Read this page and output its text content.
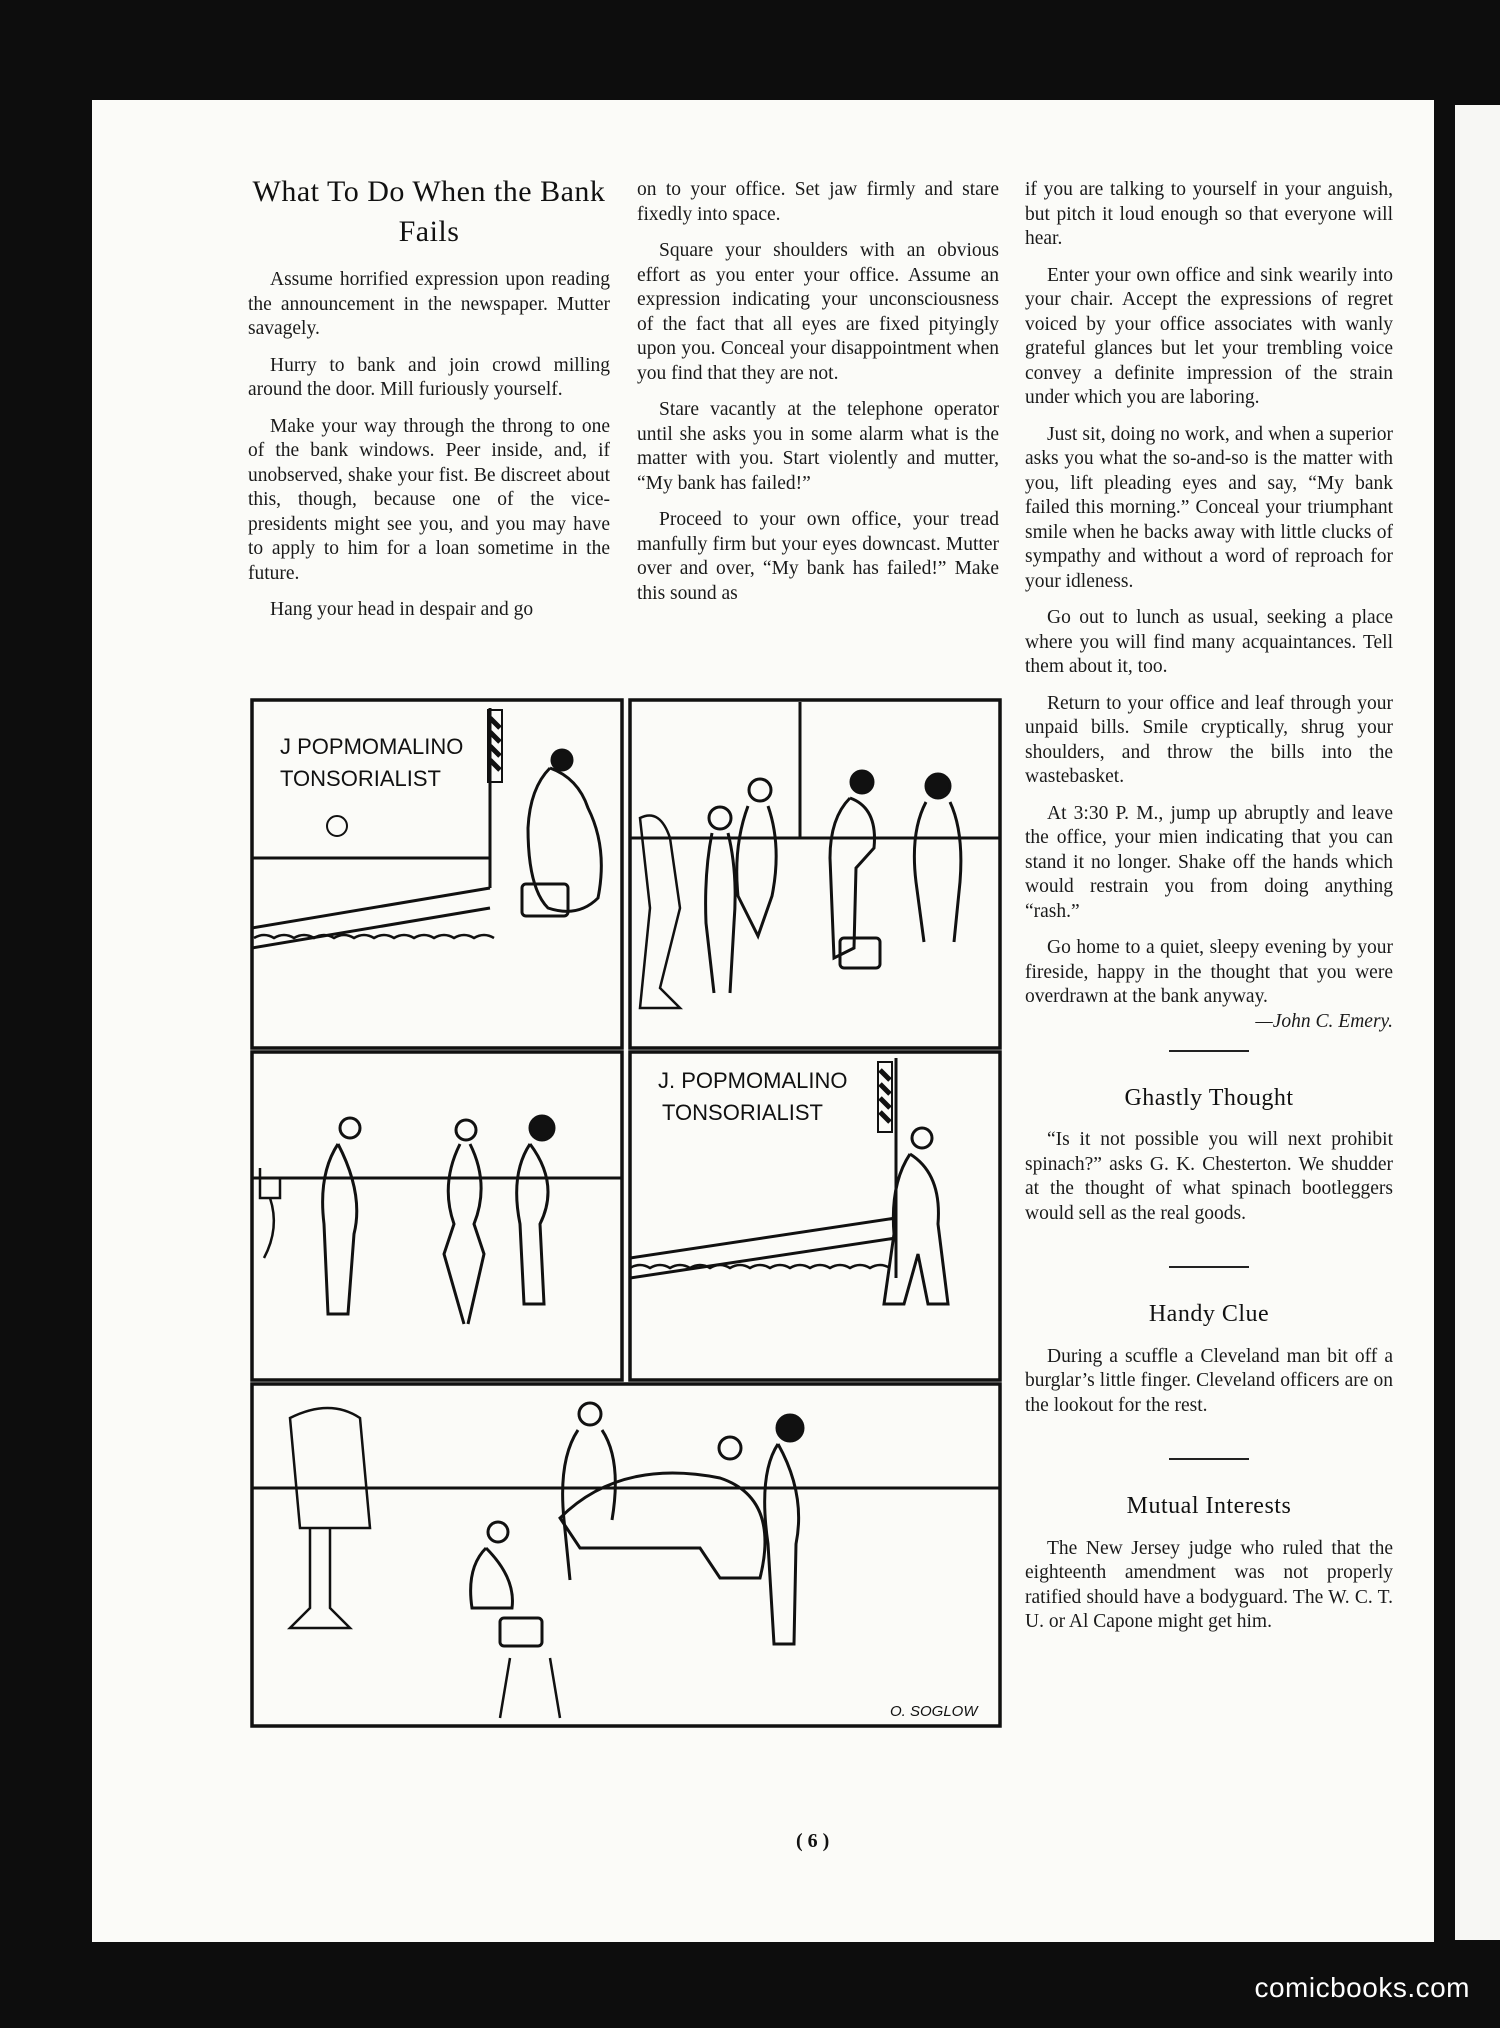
What To Do When the Bank Fails

Assume horrified expression upon reading the announcement in the newspaper. Mutter savagely.

Hurry to bank and join crowd milling around the door. Mill furiously yourself.

Make your way through the throng to one of the bank windows. Peer inside, and, if unobserved, shake your fist. Be discreet about this, though, because one of the vice-presidents might see you, and you may have to apply to him for a loan sometime in the future.

Hang your head in despair and go

on to your office. Set jaw firmly and stare fixedly into space.

Square your shoulders with an obvious effort as you enter your office. Assume an expression indicating your unconsciousness of the fact that all eyes are fixed pityingly upon you. Conceal your disappointment when you find that they are not.

Stare vacantly at the telephone operator until she asks you in some alarm what is the matter with you. Start violently and mutter, “My bank has failed!”

Proceed to your own office, your tread manfully firm but your eyes downcast. Mutter over and over, “My bank has failed!” Make this sound as

if you are talking to yourself in your anguish, but pitch it loud enough so that everyone will hear.

Enter your own office and sink wearily into your chair. Accept the expressions of regret voiced by your office associates with wanly grateful glances but let your trembling voice convey a definite impression of the strain under which you are laboring.

Just sit, doing no work, and when a superior asks you what the so-and-so is the matter with you, lift pleading eyes and say, “My bank failed this morning.” Conceal your triumphant smile when he backs away with little clucks of sympathy and without a word of reproach for your idleness.

Go out to lunch as usual, seeking a place where you will find many acquaintances. Tell them about it, too.

Return to your office and leaf through your unpaid bills. Smile cryptically, shrug your shoulders, and throw the bills into the wastebasket.

At 3:30 P. M., jump up abruptly and leave the office, your mien indicating that you can stand it no longer. Shake off the hands which would restrain you from doing anything “rash.”

Go home to a quiet, sleepy evening by your fireside, happy in the thought that you were overdrawn at the bank anyway.
—John C. Emery.

Ghastly Thought

“Is it not possible you will next prohibit spinach?” asks G. K. Chesterton. We shudder at the thought of what spinach bootleggers would sell as the real goods.

Handy Clue

During a scuffle a Cleveland man bit off a burglar’s little finger. Cleveland officers are on the lookout for the rest.

Mutual Interests

The New Jersey judge who ruled that the eighteenth amendment was not properly ratified should have a bodyguard. The W. C. T. U. or Al Capone might get him.

J POPMOMALINO
TONSORIALIST
J. POPMOMALINO
TONSORIALIST
O. SOGLOW
( 6 )
comicbooks.com
